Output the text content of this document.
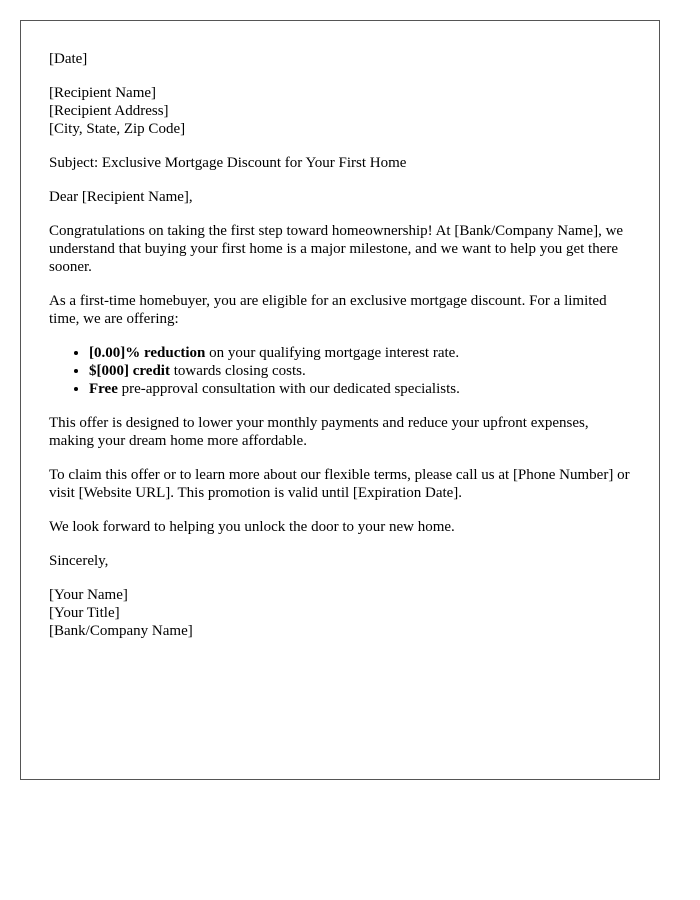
[Date]
[Recipient Name]
[Recipient Address]
[City, State, Zip Code]

Subject: Exclusive Mortgage Discount for Your First Home

Dear [Recipient Name],

Congratulations on taking the first step toward homeownership! At [Bank/Company Name], we understand that buying your first home is a major milestone, and we want to help you get there sooner.

As a first-time homebuyer, you are eligible for an exclusive mortgage discount. For a limited time, we are offering:

• [0.00]% reduction on your qualifying mortgage interest rate.
• $[000] credit towards closing costs.
• Free pre-approval consultation with our dedicated specialists.

This offer is designed to lower your monthly payments and reduce your upfront expenses, making your dream home more affordable.

To claim this offer or to learn more about our flexible terms, please call us at [Phone Number] or visit [Website URL]. This promotion is valid until [Expiration Date].

We look forward to helping you unlock the door to your new home.

Sincerely,

[Your Name]
[Your Title]
[Bank/Company Name]
